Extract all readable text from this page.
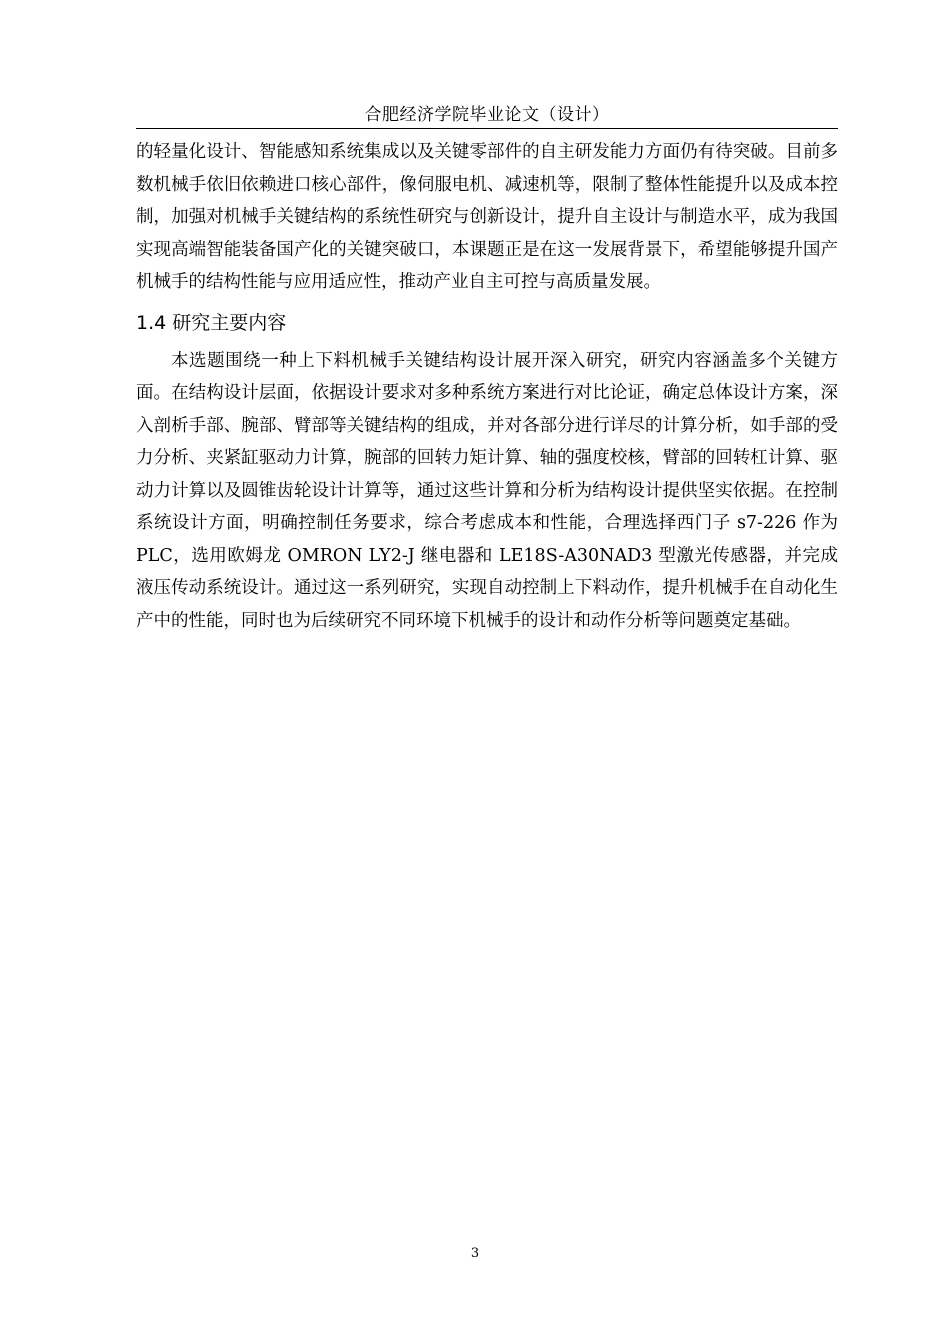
合肥经济学院毕业论文（设计）

的轻量化设计、智能感知系统集成以及关键零部件的自主研发能力方面仍有待突破。目前多数机械手依旧依赖进口核心部件，像伺服电机、减速机等，限制了整体性能提升以及成本控制，加强对机械手关键结构的系统性研究与创新设计，提升自主设计与制造水平，成为我国实现高端智能装备国产化的关键突破口，本课题正是在这一发展背景下，希望能够提升国产机械手的结构性能与应用适应性，推动产业自主可控与高质量发展。

1.4 研究主要内容

本选题围绕一种上下料机械手关键结构设计展开深入研究，研究内容涵盖多个关键方面。在结构设计层面，依据设计要求对多种系统方案进行对比论证，确定总体设计方案，深入剖析手部、腕部、臂部等关键结构的组成，并对各部分进行详尽的计算分析，如手部的受力分析、夹紧缸驱动力计算，腕部的回转力矩计算、轴的强度校核，臂部的回转杠计算、驱动力计算以及圆锥齿轮设计计算等，通过这些计算和分析为结构设计提供坚实依据。在控制系统设计方面，明确控制任务要求，综合考虑成本和性能，合理选择西门子 s7-226 作为 PLC，选用欧姆龙 OMRON LY2-J 继电器和 LE18S-A30NAD3 型激光传感器，并完成液压传动系统设计。通过这一系列研究，实现自动控制上下料动作，提升机械手在自动化生产中的性能，同时也为后续研究不同环境下机械手的设计和动作分析等问题奠定基础。

3
